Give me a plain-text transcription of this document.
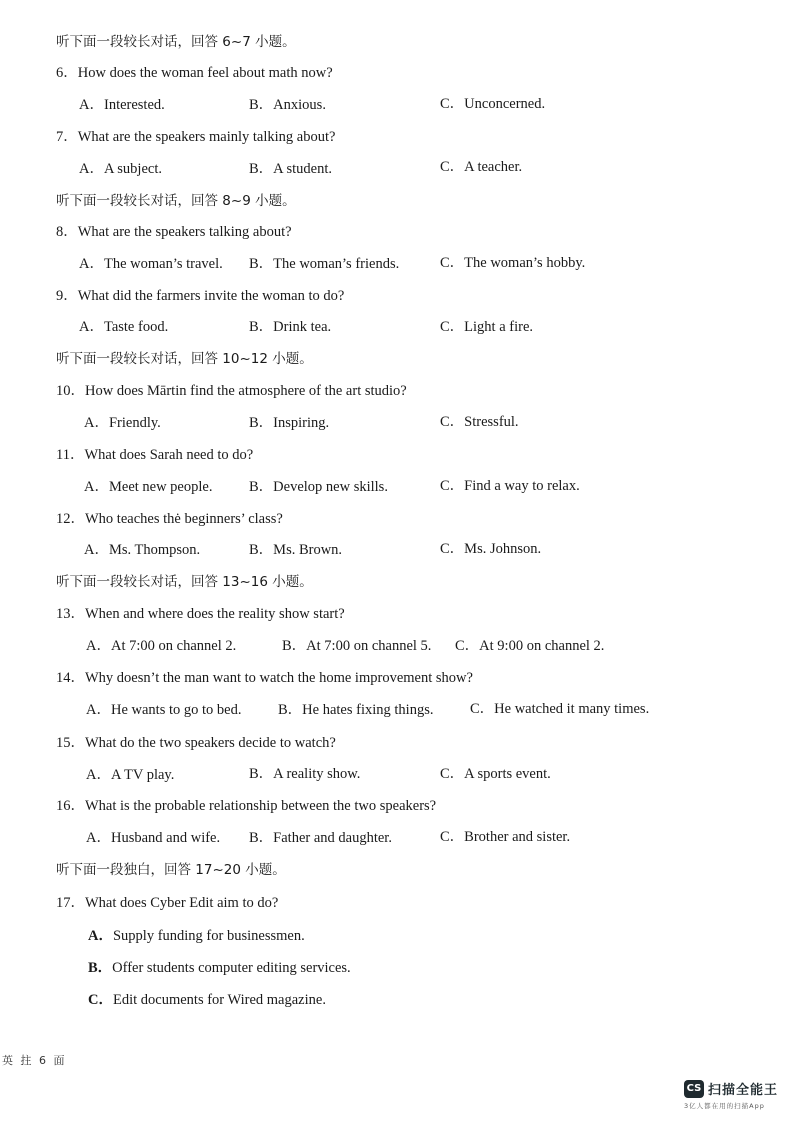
听下面一段较长对话，回答 6~7 小题。
6．How does the woman feel about math now?
A．Interested.	B．Anxious.	C．Unconcerned.
7．What are the speakers mainly talking about?
A．A subject.	B．A student.	C．A teacher.
听下面一段较长对话，回答 8~9 小题。
8．What are the speakers talking about?
A．The woman’s travel. B．The woman’s friends.	C．The woman’s hobby.
9．What did the farmers invite the woman to do?
A．Taste food.	B．Drink tea.	C．Light a fire.
听下面一段较长对话，回答 10~12 小题。
10．How does Mārtin find the atmosphere of the art studio?
A．Friendly.	B．Inspiring.	C．Stressful.
11．What does Sarah need to do?
A．Meet new people.	B．Develop new skills.	C．Find a way to relax.
12．Who teaches thė beginners’ class?
A．Ms. Thompson.	B．Ms. Brown.	C．Ms. Johnson.
听下面一段较长对话，回答 13~16 小题。
13．When and where does the reality show start?
A．At 7:00 on channel 2.	B．At 7:00 on channel 5. C．At 9:00 on channel 2.
14．Why doesn’t the man want to watch the home improvement show?
A．He wants to go to bed.	B．He hates fixing things.	C．He watched it many times.
15．What do the two speakers decide to watch?
A．A TV play.	B．A reality show.	C．A sports event.
16．What is the probable relationship between the two speakers?
A．Husband and wife. B．Father and daughter.	C．Brother and sister.
听下面一段独白，回答 17~20 小题。
17．What does Cyber Edit aim to do?
A．Supply funding for businessmen.
B．Offer students computer editing services.
C．Edit documents for Wired magazine.
英 拄 6 面
CS 扫描全能王
3亿人都在用的扫描App
